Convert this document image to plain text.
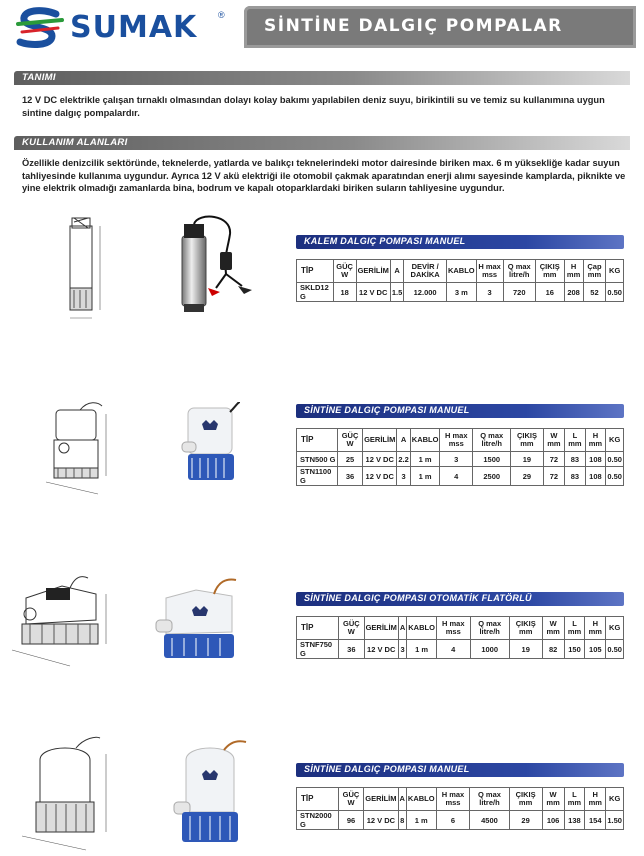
SUMAK ®
SİNTİNE DALGIÇ POMPALAR
TANIMI
12 V DC elektrikle çalışan tırnaklı olmasından dolayı kolay bakımı yapılabilen deniz suyu, birikintili su ve temiz su kullanımına uygun sintine dalgıç pompalardır.
KULLANIM ALANLARI
Özellikle denizcilik sektöründe, teknelerde, yatlarda ve balıkçı teknelerindeki motor dairesinde biriken max. 6 m yüksekliğe kadar suyun tahliyesinde kullanıma uygundur. Ayrıca 12 V akü elektriği ile otomobil çakmak aparatından enerji alımı sayesinde kamplarda, piknikte ve yine elektrik olmadığı zamanlarda bina, bodrum ve kapalı otoparklardaki biriken suların tahliyesine uygundur.
KALEM DALGIÇ POMPASI MANUEL
TİP	GÜÇ W	GERİLİM	A	DEVİR / DAKİKA	KABLO	H max mss	Q max litre/h	ÇIKIŞ mm	H mm	Çap mm	KG
SKLD12 G	18	12 V DC	1.5	12.000	3 m	3	720	16	208	52	0.50
SİNTİNE DALGIÇ POMPASI MANUEL
TİP	GÜÇ W	GERİLİM	A	KABLO	H max mss	Q max litre/h	ÇIKIŞ mm	W mm	L mm	H mm	KG
STN500 G	25	12 V DC	2.2	1 m	3	1500	19	72	83	108	0.50
STN1100 G	36	12 V DC	3	1 m	4	2500	29	72	83	108	0.50
SİNTİNE DALGIÇ POMPASI OTOMATİK FLATÖRLÜ
TİP	GÜÇ W	GERİLİM	A	KABLO	H max mss	Q max litre/h	ÇIKIŞ mm	W mm	L mm	H mm	KG
STNF750 G	36	12 V DC	3	1 m	4	1000	19	82	150	105	0.50
SİNTİNE DALGIÇ POMPASI MANUEL
TİP	GÜÇ W	GERİLİM	A	KABLO	H max mss	Q max litre/h	ÇIKIŞ mm	W mm	L mm	H mm	KG
STN2000 G	96	12 V DC	8	1 m	6	4500	29	106	138	154	1.50
